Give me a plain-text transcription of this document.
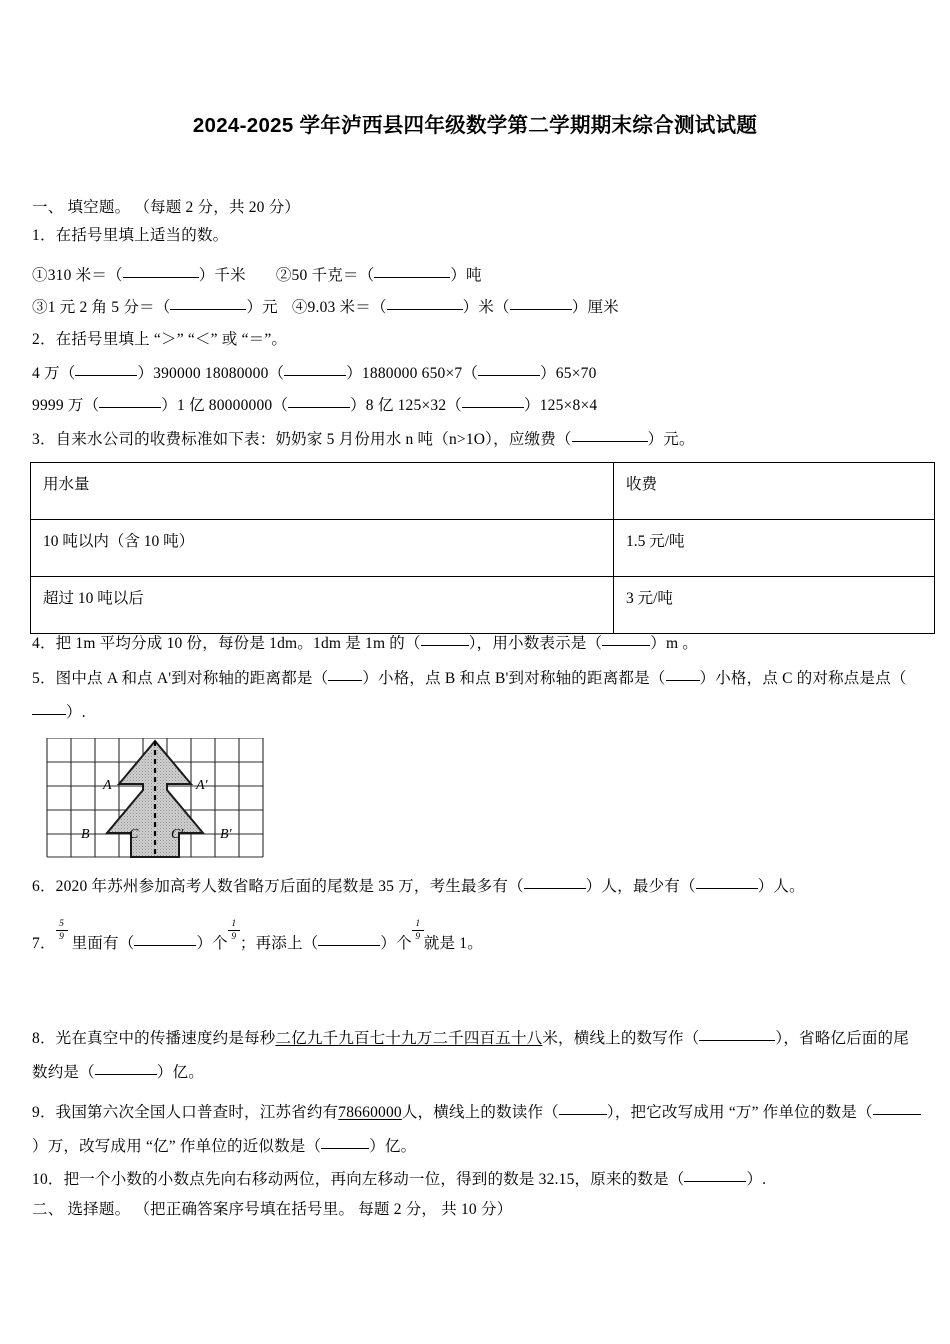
2024-2025 学年泸西县四年级数学第二学期期末综合测试试题
一、 填空题。 （每题 2 分，共 20 分）
1．在括号里填上适当的数。
①310 米＝（	）千米 ②50 千克＝（	）吨
③1 元 2 角 5 分＝（	）元 ④9.03 米＝（	）米（	）厘米
2．在括号里填上 “＞” “＜” 或 “＝”。
4 万（	）390000 18080000（	）1880000 650×7（	）65×70
9999 万（	）1 亿 80000000（	）8 亿 125×32（	）125×8×4
3．自来水公司的收费标准如下表：奶奶家 5 月份用水 n 吨（n>1O），应缴费（	）元。
用水量	收费
10 吨以内（含 10 吨）	1.5 元/吨
超过 10 吨以后	3 元/吨
4．把 1m 平均分成 10 份，每份是 1dm。1dm 是 1m 的（	），用小数表示是（	）m 。
5．图中点 A 和点 A'到对称轴的距离都是（ ）小格，点 B 和点 B'到对称轴的距离都是（ ）小格，点 C 的对称点是点（）.
A	A'
B	C C'	B'
6．2020 年苏州参加高考人数省略万后面的尾数是 35 万，考生最多有（	）人，最少有（	）人。
7．
$\frac{5}{9}$
里面有（	）个
$\frac{1}{9}$
；再添上（	）个
$\frac{1}{9}$
就是 1。
8．光在真空中的传播速度约是每秒二亿九千九百七十九万二千四百五十八米，横线上的数写作（	），省略亿后面的尾数约是（	）亿。
9．我国第六次全国人口普查时，江苏省约有78660000人，横线上的数读作（	），把它改写成用 “万” 作单位的数是（）万，改写成用 “亿” 作单位的近似数是（	）亿。
10．把一个小数的小数点先向右移动两位，再向左移动一位，得到的数是 32.15，原来的数是（	）.
二、 选择题。 （把正确答案序号填在括号里。 每题 2 分， 共 10 分）
